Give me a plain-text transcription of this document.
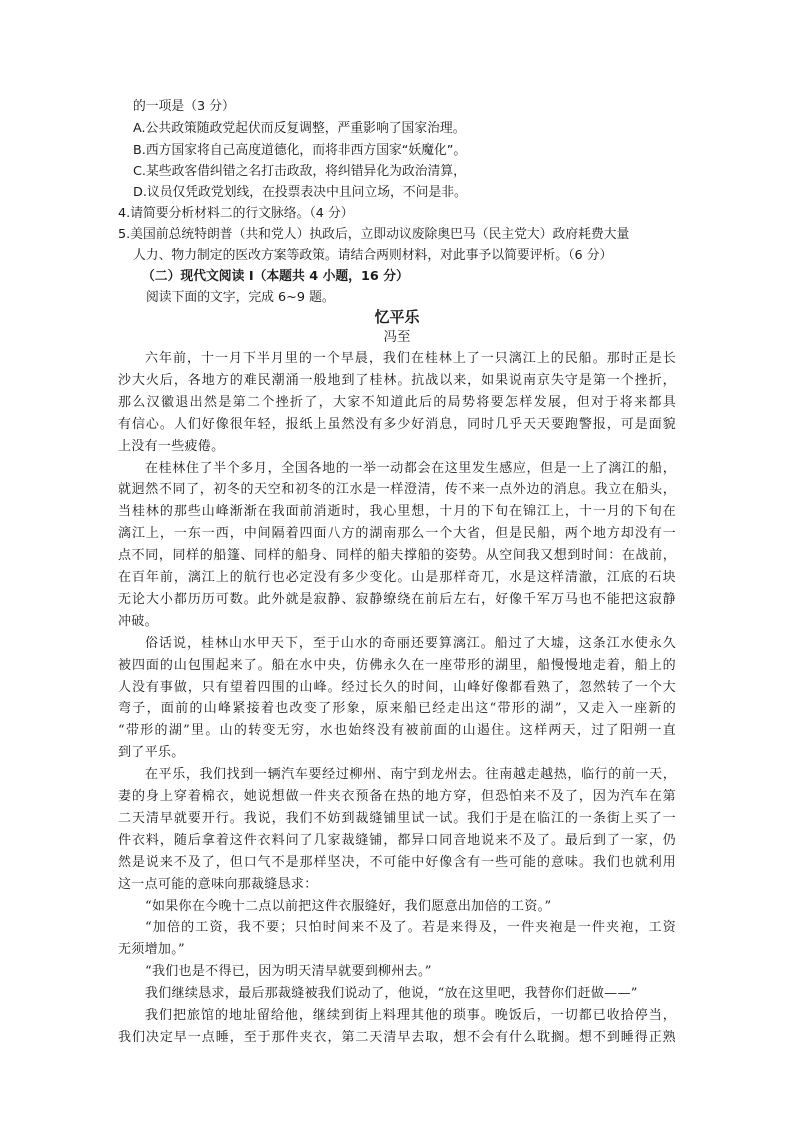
的一项是（3 分）
A.公共政策随政党起伏而反复调整，严重影响了国家治理。
B.西方国家将自己高度道德化，而将非西方国家“妖魔化”。
C.某些政客借纠错之名打击政敌，将纠错异化为政治清算，
D.议员仅凭政党划线，在投票表决中且问立场，不问是非。
4.请简要分析材料二的行文脉络。（4 分）
5.美国前总统特朗普（共和党人）执政后，立即动议废除奥巴马（民主党大）政府耗费大量
人力、物力制定的医改方案等政策。请结合两则材料，对此事予以简要评析。（6 分）
（二）现代文阅读 I（本题共 4 小题，16 分）
阅读下面的文字，完成 6~9 题。
忆平乐
冯至
六年前，十一月下半月里的一个早晨，我们在桂林上了一只漓江上的民船。那时正是长
沙大火后，各地方的难民潮涌一般地到了桂林。抗战以来，如果说南京失守是第一个挫折，
那么汉徽退出然是第二个挫折了，大家不知道此后的局势将要怎样发展，但对于将来都具
有信心。人们好像很年轻，报纸上虽然没有多少好消息，同时几乎天天要跑警报，可是面貌
上没有一些疲倦。
在桂林住了半个多月，全国各地的一举一动都会在这里发生感应，但是一上了漓江的船，
就迥然不同了，初冬的天空和初冬的江水是一样澄清，传不来一点外边的消息。我立在船头，
当桂林的那些山峰渐渐在我面前消逝时，我心里想，十月的下旬在锦江上，十一月的下旬在
漓江上，一东一西，中间隔着四面八方的湖南那么一个大省，但是民船，两个地方却没有一
点不同，同样的船篷、同样的船身、同样的船夫撑船的姿势。从空间我又想到时间：在战前，
在百年前，漓江上的航行也必定没有多少变化。山是那样奇兀，水是这样清澈，江底的石块
无论大小都历历可数。此外就是寂静、寂静缭绕在前后左右，好像千军万马也不能把这寂静
冲破。
俗话说，桂林山水甲天下，至于山水的奇丽还要算漓江。船过了大墟，这条江水使永久
被四面的山包围起来了。船在水中央，仿佛永久在一座带形的湖里，船慢慢地走着，船上的
人没有事做，只有望着四围的山峰。经过长久的时间，山峰好像都看熟了，忽然转了一个大
弯子，面前的山峰紧接着也改变了形象，原来船已经走出这“带形的湖”，又走入一座新的
“带形的湖”里。山的转变无穷，水也始终没有被前面的山遏住。这样两天，过了阳朔一直
到了平乐。
在平乐，我们找到一辆汽车要经过柳州、南宁到龙州去。往南越走越热，临行的前一天，
妻的身上穿着棉衣，她说想做一件夹衣预备在热的地方穿，但恐怕来不及了，因为汽车在第
二天清早就要开行。我说，我们不妨到裁缝铺里试一试。我们于是在临江的一条街上买了一
件衣料，随后拿着这件衣料问了几家裁缝铺，都异口同音地说来不及了。最后到了一家，仍
然是说来不及了，但口气不是那样坚决，不可能中好像含有一些可能的意味。我们也就利用
这一点可能的意味向那裁缝恳求：
“如果你在今晚十二点以前把这件衣服缝好，我们愿意出加倍的工资。”
“加倍的工资，我不要；只怕时间来不及了。若是来得及，一件夹袍是一件夹袍，工资
无须增加。”
“我们也是不得已，因为明天清早就要到柳州去。”
我们继续恳求，最后那裁缝被我们说动了，他说，“放在这里吧，我替你们赶做——”
我们把旅馆的地址留给他，继续到街上料理其他的琐事。晚饭后，一切都已收拾停当，
我们决定早一点睡，至于那件夹衣，第二天清早去取，想不会有什么耽搁。想不到睡得正熟
